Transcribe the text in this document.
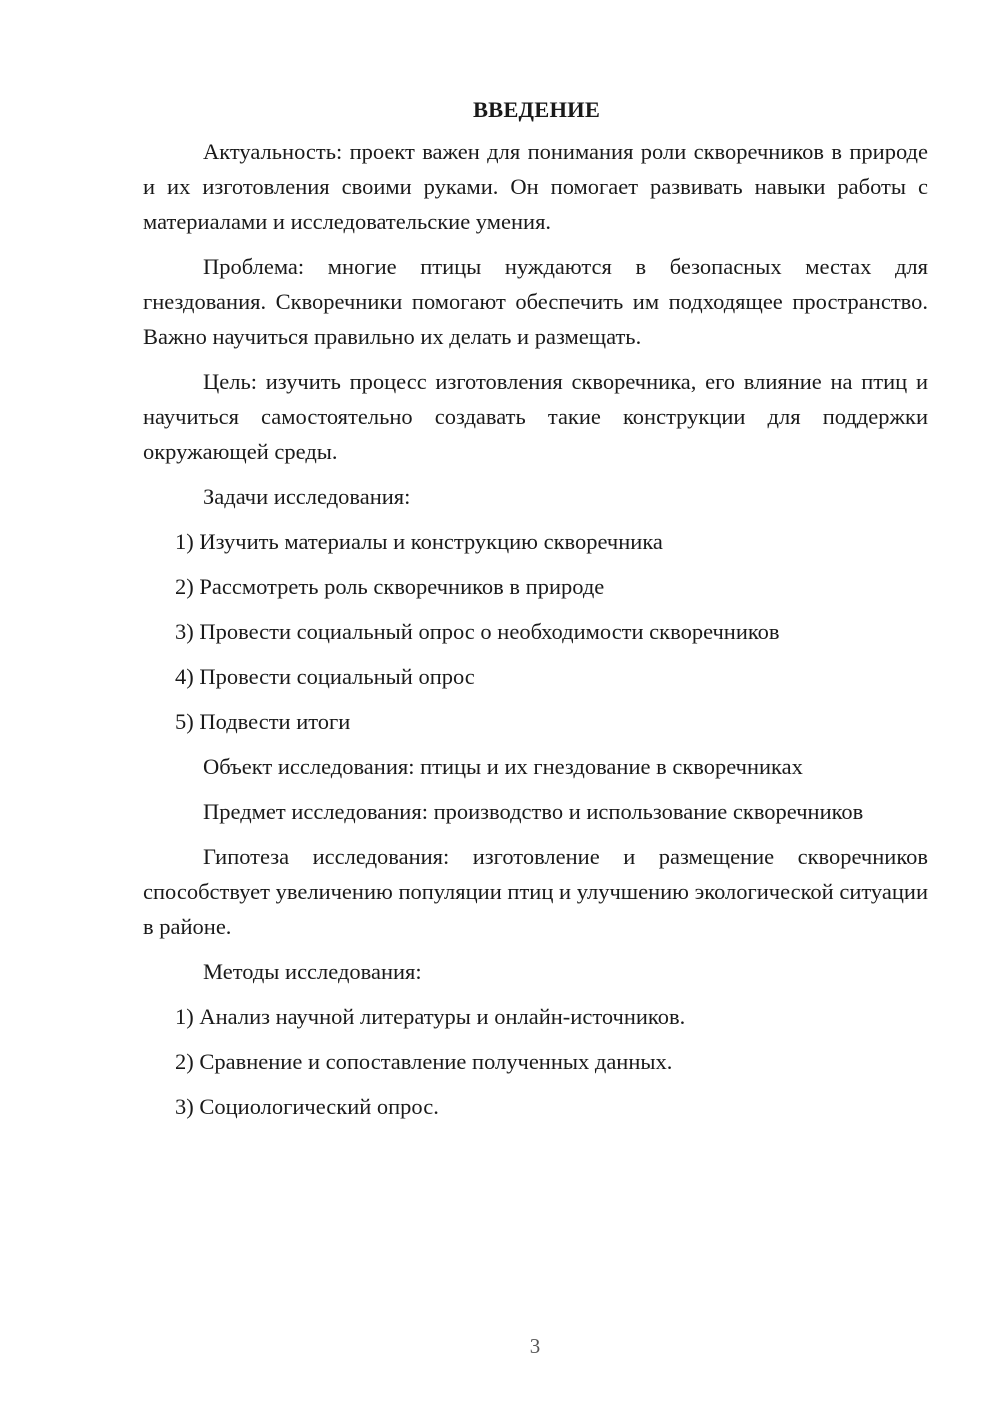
ВВЕДЕНИЕ

Актуальность: проект важен для понимания роли скворечников в природе и их изготовления своими руками. Он помогает развивать навыки работы с материалами и исследовательские умения.

Проблема: многие птицы нуждаются в безопасных местах для гнездования. Скворечники помогают обеспечить им подходящее пространство. Важно научиться правильно их делать и размещать.

Цель: изучить процесс изготовления скворечника, его влияние на птиц и научиться самостоятельно создавать такие конструкции для поддержки окружающей среды.

Задачи исследования:

1) Изучить материалы и конструкцию скворечника

2) Рассмотреть роль скворечников в природе

3) Провести социальный опрос о необходимости скворечников

4) Провести социальный опрос

5) Подвести итоги

Объект исследования: птицы и их гнездование в скворечниках

Предмет исследования: производство и использование скворечников

Гипотеза исследования: изготовление и размещение скворечников способствует увеличению популяции птиц и улучшению экологической ситуации в районе.

Методы исследования:

1) Анализ научной литературы и онлайн-источников.

2) Сравнение и сопоставление полученных данных.

3) Социологический опрос.

3
